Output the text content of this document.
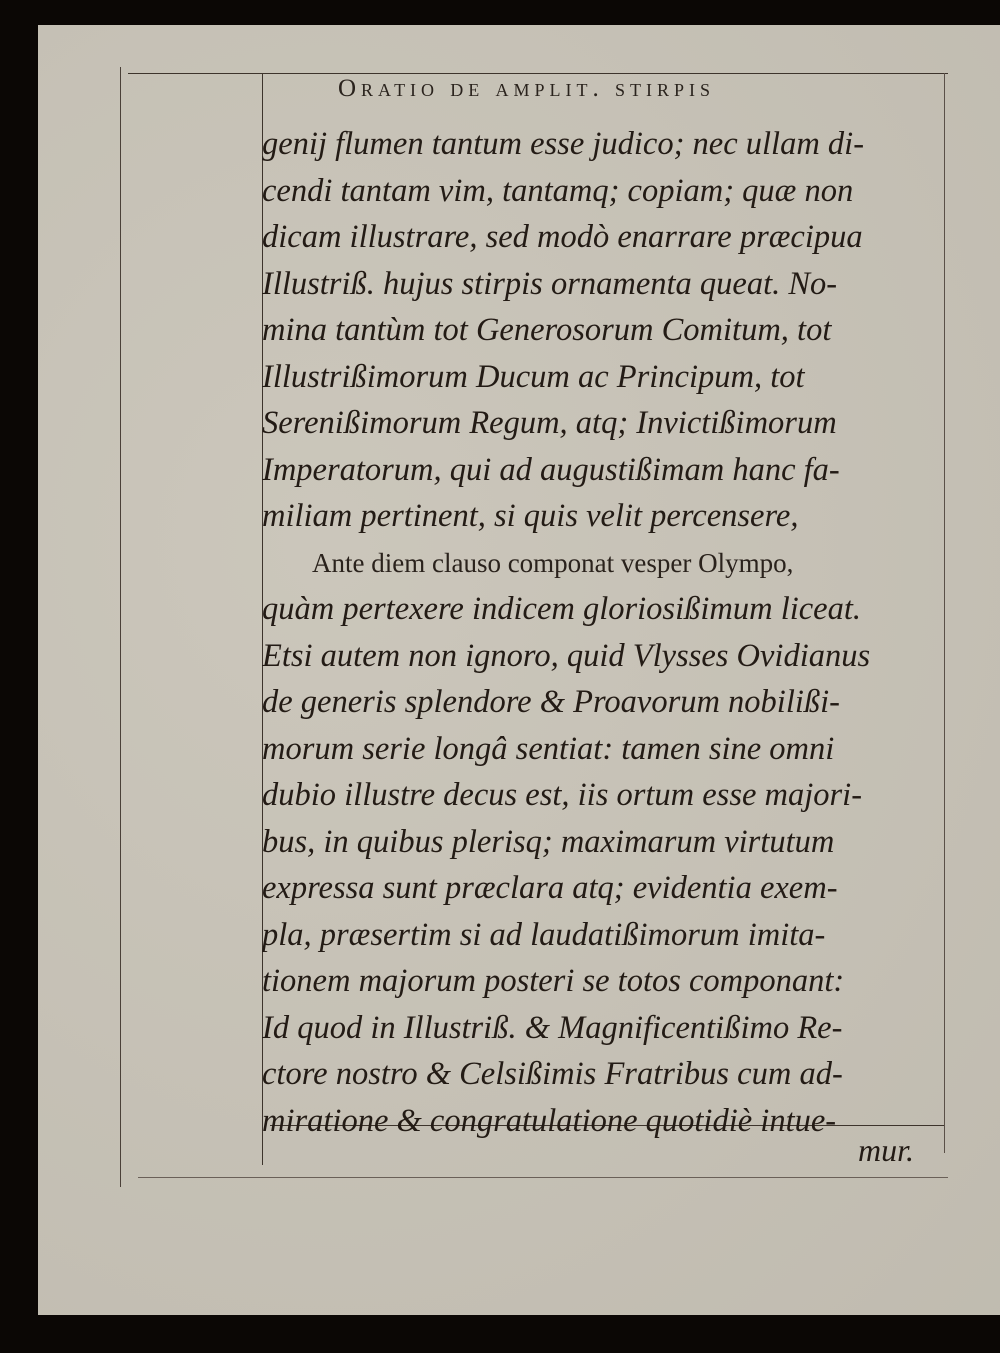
Oratio de amplit. stirpis
genij flumen tantum esse judico; nec ullam di-
cendi tantam vim, tantamq; copiam; quæ non
dicam illustrare, sed modò enarrare præcipua
Illustriß. hujus stirpis ornamenta queat. No-
mina tantùm tot Generosorum Comitum, tot
Illustrißimorum Ducum ac Principum, tot
Serenißimorum Regum, atq; Invictißimorum
Imperatorum, qui ad augustißimam hanc fa-
miliam pertinent, si quis velit percensere,
Ante diem clauso componat vesper Olympo,
quàm pertexere indicem gloriosißimum liceat.
Etsi autem non ignoro, quid Vlysses Ovidianus
de generis splendore & Proavorum nobilißi-
morum serie longâ sentiat: tamen sine omni
dubio illustre decus est, iis ortum esse majori-
bus, in quibus plerisq; maximarum virtutum
expressa sunt præclara atq; evidentia exem-
pla, præsertim si ad laudatißimorum imita-
tionem majorum posteri se totos componant:
Id quod in Illustriß. & Magnificentißimo Re-
ctore nostro & Celsißimis Fratribus cum ad-
miratione & congratulatione quotidiè intue-
mur.
